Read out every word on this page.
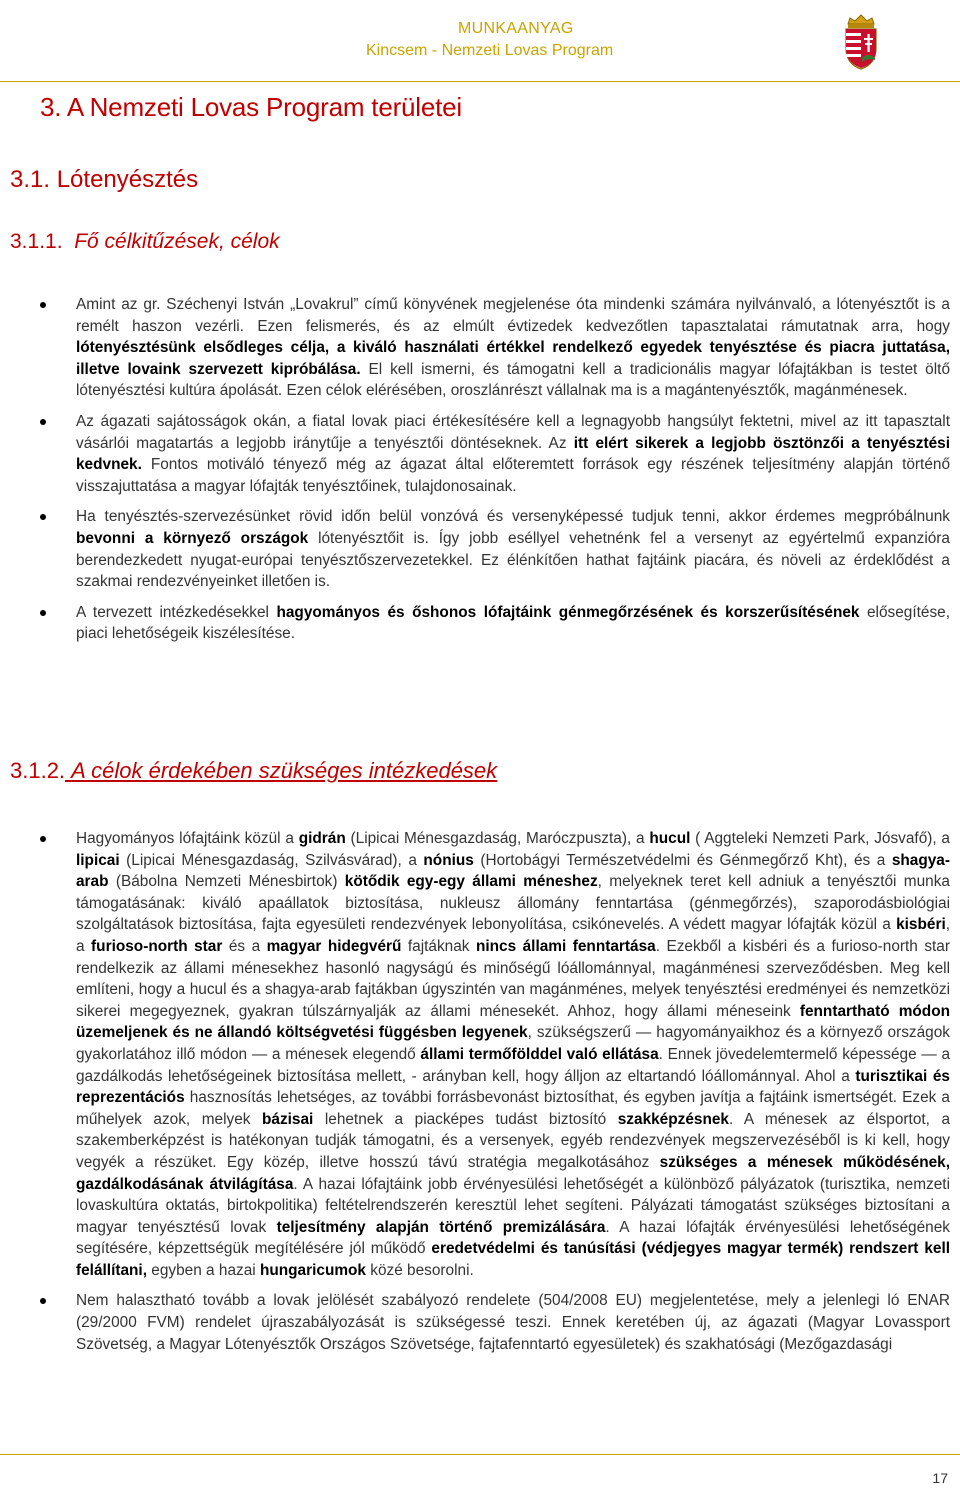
MUNKAANYAG
Kincsem - Nemzeti Lovas Program
3. A Nemzeti Lovas Program területei
3.1. Lótenyésztés
3.1.1. Fő célkitűzések, célok
Amint az gr. Széchenyi István „Lovakrul” című könyvének megjelenése óta mindenki számára nyilvánvaló, a lótenyésztőt is a remélt haszon vezérli. Ezen felismerés, és az elmúlt évtizedek kedvezőtlen tapasztalatai rámutatnak arra, hogy lótenyésztésünk elsődleges célja, a kiváló használati értékkel rendelkező egyedek tenyésztése és piacra juttatása, illetve lovaink szervezett kipróbálása. El kell ismerni, és támogatni kell a tradicionális magyar lófajtákban is testet öltő lótenyésztési kultúra ápolását. Ezen célok elérésében, oroszlánrészt vállalnak ma is a magántenyésztők, magánménesek.
Az ágazati sajátosságok okán, a fiatal lovak piaci értékesítésére kell a legnagyobb hangsúlyt fektetni, mivel az itt tapasztalt vásárlói magatartás a legjobb iránytűje a tenyésztői döntéseknek. Az itt elért sikerek a legjobb ösztönzői a tenyésztési kedvnek. Fontos motiváló tényező még az ágazat által előteremtett források egy részének teljesítmény alapján történő visszajuttatása a magyar lófajták tenyésztőinek, tulajdonosainak.
Ha tenyésztés-szervezésünket rövid időn belül vonzóvá és versenyképessé tudjuk tenni, akkor érdemes megpróbálnunk bevonni a környező országok lótenyésztőit is. Így jobb eséllyel vehetnénk fel a versenyt az egyértelmű expanzióra berendezkedett nyugat-európai tenyésztőszervezetekkel. Ez élénkítően hathat fajtáink piacára, és növeli az érdeklődést a szakmai rendezvényeinket illetően is.
A tervezett intézkedésekkel hagyományos és őshonos lófajtáink génmegőrzésének és korszerűsítésének elősegítése, piaci lehetőségeik kiszélesítése.
3.1.2. A célok érdekében szükséges intézkedések
Hagyományos lófajtáink közül a gidrán (Lipicai Ménesgazdaság, Maróczpuszta), a hucul ( Aggteleki Nemzeti Park, Jósvafő), a lipicai (Lipicai Ménesgazdaság, Szilvásvárad), a nónius (Hortobágyi Természetvédelmi és Génmegőrző Kht), és a shagya-arab (Bábolna Nemzeti Ménesbirtok) kötődik egy-egy állami méneshez, melyeknek teret kell adniuk a tenyésztői munka támogatásának: kiváló apaállatok biztosítása, nukleusz állomány fenntartása (génmegőrzés), szaporodásbiológiai szolgáltatások biztosítása, fajta egyesületi rendezvények lebonyolítása, csikónevelés. A védett magyar lófajták közül a kisbéri, a furioso-north star és a magyar hidegvérű fajtáknak nincs állami fenntartása. Ezekből a kisbéri és a furioso-north star rendelkezik az állami ménesekhez hasonló nagyságú és minőségű lóállománnyal, magánménesi szerveződésben. Meg kell említeni, hogy a hucul és a shagya-arab fajtákban úgyszintén van magánménes, melyek tenyésztési eredményei és nemzetközi sikerei megegyeznek, gyakran túlszárnyalják az állami ménesekét. Ahhoz, hogy állami méneseink fenntartható módon üzemeljenek és ne állandó költségvetési függésben legyenek, szükségszerű — hagyományaikhoz és a környező országok gyakorlatához illő módon — a ménesek elegendő állami termőfölddel való ellátása. Ennek jövedelemtermelő képessége — a gazdálkodás lehetőségeinek biztosítása mellett, - arányban kell, hogy álljon az eltartandó lóállománnyal. Ahol a turisztikai és reprezentációs hasznosítás lehetséges, az további forrásbevonást biztosíthat, és egyben javítja a fajtáink ismertségét. Ezek a műhelyek azok, melyek bázisai lehetnek a piacképes tudást biztosító szakképzésnek. A ménesek az élsportot, a szakemberképzést is hatékonyan tudják támogatni, és a versenyek, egyéb rendezvények megszervezéséből is ki kell, hogy vegyék a részüket. Egy közép, illetve hosszú távú stratégia megalkotásához szükséges a ménesek működésének, gazdálkodásának átvilágítása. A hazai lófajtáink jobb érvényesülési lehetőségét a különböző pályázatok (turisztika, nemzeti lovaskultúra oktatás, birtokpolitika) feltételrendszerén keresztül lehet segíteni. Pályázati támogatást szükséges biztosítani a magyar tenyésztésű lovak teljesítmény alapján történő premizálására. A hazai lófajták érvényesülési lehetőségének segítésére, képzettségük megítélésére jól működő eredetvédelmi és tanúsítási (védjegyes magyar termék) rendszert kell felállítani, egyben a hazai hungaricumok közé besorolni.
Nem halasztható tovább a lovak jelölését szabályozó rendelete (504/2008 EU) megjelentetése, mely a jelenlegi ló ENAR (29/2000 FVM) rendelet újraszabályozását is szükségessé teszi. Ennek keretében új, az ágazati (Magyar Lovassport Szövetség, a Magyar Lótenyésztők Országos Szövetsége, fajtafenntartó egyesületek) és szakhatósági (Mezőgazdasági
17
